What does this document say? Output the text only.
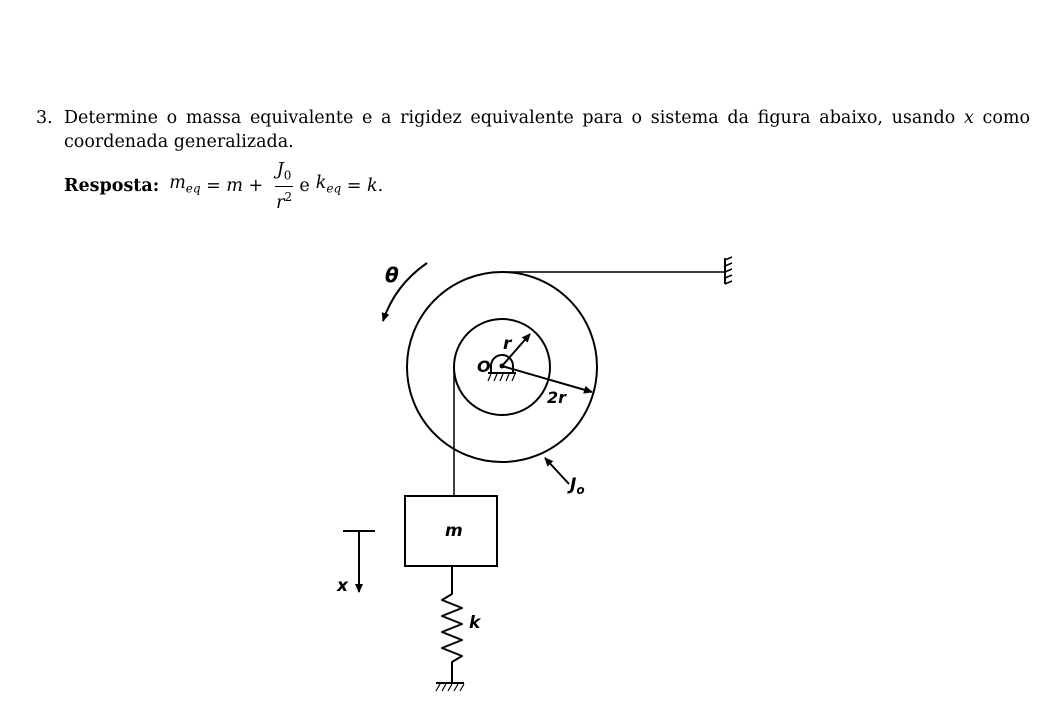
3. Determine o massa equivalente e a rigidez equivalente para o sistema da figura abaixo, usando x como coordenada generalizada.
Resposta: $m_{eq} = m + \frac{J_0}{r^2}$ e $k_{eq} = k$.
θ
O
r
2r
$J_o$
m
x
k
